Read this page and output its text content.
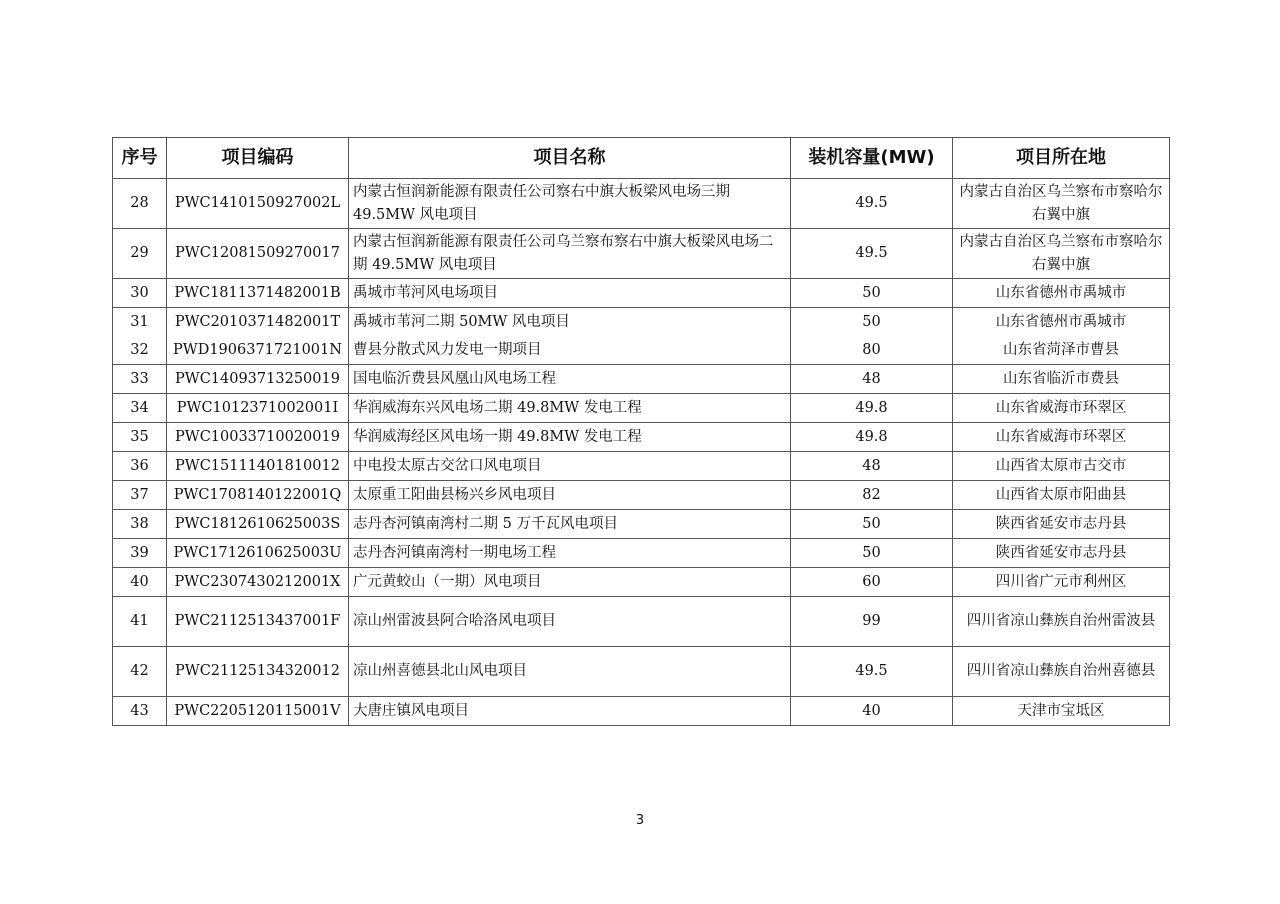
序号	项目编码	项目名称	装机容量(MW)	项目所在地
28	PWC1410150927002L	内蒙古恒润新能源有限责任公司察右中旗大板梁风电场三期49.5MW 风电项目	49.5	内蒙古自治区乌兰察布市察哈尔右翼中旗
29	PWC12081509270017	内蒙古恒润新能源有限责任公司乌兰察布察右中旗大板梁风电场二期 49.5MW 风电项目	49.5	内蒙古自治区乌兰察布市察哈尔右翼中旗
30	PWC1811371482001B	禹城市苇河风电场项目	50	山东省德州市禹城市
31	PWC2010371482001T	禹城市苇河二期 50MW 风电项目	50	山东省德州市禹城市
32	PWD1906371721001N	曹县分散式风力发电一期项目	80	山东省菏泽市曹县
33	PWC14093713250019	国电临沂费县风凰山风电场工程	48	山东省临沂市费县
34	PWC1012371002001I	华润威海东兴风电场二期 49.8MW 发电工程	49.8	山东省威海市环翠区
35	PWC10033710020019	华润威海经区风电场一期 49.8MW 发电工程	49.8	山东省威海市环翠区
36	PWC15111401810012	中电投太原古交岔口风电项目	48	山西省太原市古交市
37	PWC1708140122001Q	太原重工阳曲县杨兴乡风电项目	82	山西省太原市阳曲县
38	PWC1812610625003S	志丹杏河镇南湾村二期 5 万千瓦风电项目	50	陕西省延安市志丹县
39	PWC1712610625003U	志丹杏河镇南湾村一期电场工程	50	陕西省延安市志丹县
40	PWC2307430212001X	广元黄蛟山（一期）风电项目	60	四川省广元市利州区
41	PWC2112513437001F	凉山州雷波县阿合哈洛风电项目	99	四川省凉山彝族自治州雷波县
42	PWC21125134320012	凉山州喜德县北山风电项目	49.5	四川省凉山彝族自治州喜德县
43	PWC2205120115001V	大唐庄镇风电项目	40	天津市宝坻区
3
